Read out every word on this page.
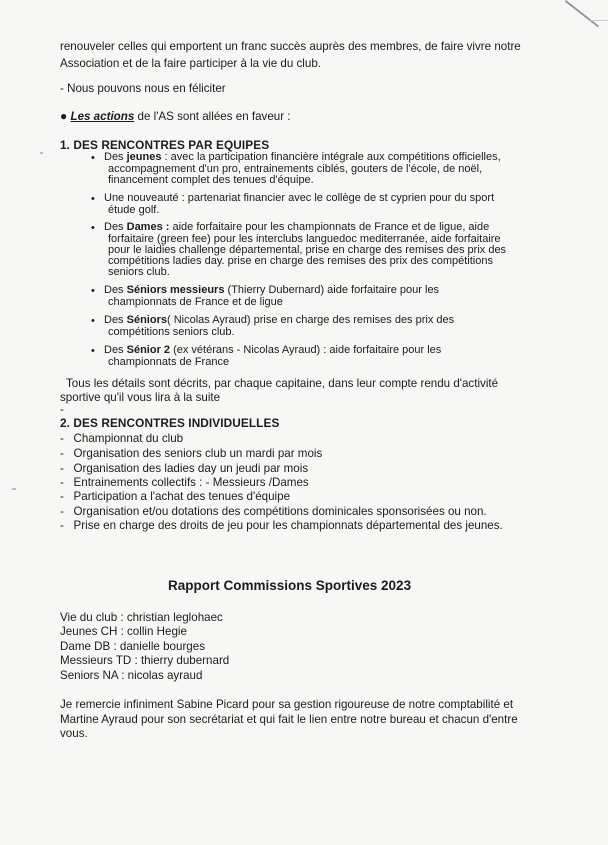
renouveler celles qui emportent un franc succès auprès des membres, de faire vivre notre
Association et de la faire participer à la vie du club.
- Nous pouvons nous en féliciter
● Les actions de l'AS sont allées en faveur :
1. DES RENCONTRES PAR EQUIPES
• Des jeunes : avec la participation financière intégrale aux compétitions officielles,
accompagnement d'un pro, entrainements ciblés, gouters de l'école, de noël,
financement complet des tenues d'équipe.
• Une nouveauté : partenariat financier avec le collège de st cyprien pour du sport
étude golf.
• Des Dames : aide forfaitaire pour les championnats de France et de ligue, aide
forfaitaire (green fee) pour les interclubs languedoc mediterranée, aide forfaitaire
pour le laidies challenge départemental, prise en charge des remises des prix des
compétitions ladies day. prise en charge des remises des prix des compétitions
seniors club.
• Des Séniors messieurs (Thierry Dubernard) aide forfaitaire pour les
championnats de France et de ligue
• Des Séniors( Nicolas Ayraud) prise en charge des remises des prix des
compétitions seniors club.
• Des Sénior 2 (ex vétérans - Nicolas Ayraud) : aide forfaitaire pour les
championnats de France
Tous les détails sont décrits, par chaque capitaine, dans leur compte rendu d'activité
sportive qu'il vous lira à la suite
-
2. DES RENCONTRES INDIVIDUELLES
-   Championnat du club
-   Organisation des seniors club un mardi par mois
-   Organisation des ladies day un jeudi par mois
-   Entrainements collectifs : - Messieurs /Dames
-   Participation a l'achat des tenues d'équipe
-   Organisation et/ou dotations des compétitions dominicales sponsorisées ou non.
-   Prise en charge des droits de jeu pour les championnats départemental des jeunes.
Rapport Commissions Sportives 2023
Vie du club : christian leglohaec
Jeunes CH : collin Hegie
Dame DB : danielle bourges
Messieurs TD : thierry dubernard
Seniors NA : nicolas ayraud
Je remercie infiniment Sabine Picard pour sa gestion rigoureuse de notre comptabilité et
Martine Ayraud pour son secrétariat et qui fait le lien entre notre bureau et chacun d'entre
vous.
